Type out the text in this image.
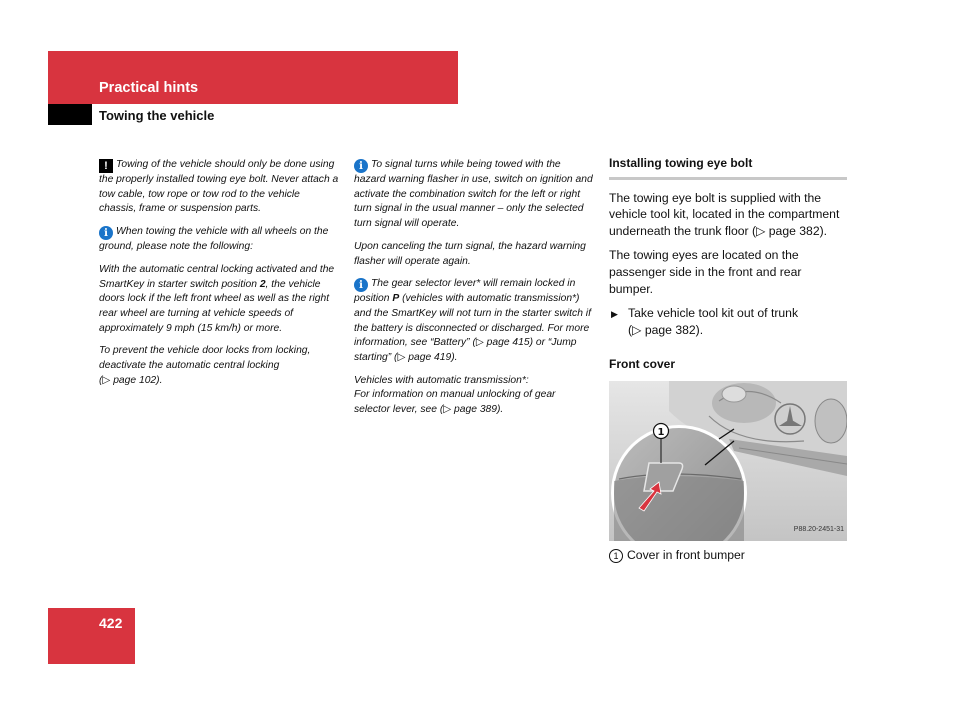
Practical hints
Towing the vehicle

! Towing of the vehicle should only be done using the properly installed towing eye bolt. Never attach a tow cable, tow rope or tow rod to the vehicle chassis, frame or suspension parts.

i When towing the vehicle with all wheels on the ground, please note the following:

With the automatic central locking activated and the SmartKey in starter switch position 2, the vehicle doors lock if the left front wheel as well as the right rear wheel are turning at vehicle speeds of approximately 9 mph (15 km/h) or more.

To prevent the vehicle door locks from locking, deactivate the automatic central locking
(▷ page 102).

i To signal turns while being towed with the hazard warning flasher in use, switch on ignition and activate the combination switch for the left or right turn signal in the usual manner – only the selected turn signal will operate.

Upon canceling the turn signal, the hazard warning flasher will operate again.

i The gear selector lever* will remain locked in position P (vehicles with automatic transmission*) and the SmartKey will not turn in the starter switch if the battery is disconnected or discharged. For more information, see “Battery” (▷ page 415) or “Jump starting” (▷ page 419).

Vehicles with automatic transmission*:
For information on manual unlocking of gear selector lever, see (▷ page 389).

Installing towing eye bolt

The towing eye bolt is supplied with the vehicle tool kit, located in the compartment underneath the trunk floor (▷ page 382).

The towing eyes are located on the passenger side in the front and rear bumper.

▶ Take vehicle tool kit out of trunk
(▷ page 382).
Front cover
1
P88.20-2451-31
1 Cover in front bumper
422
